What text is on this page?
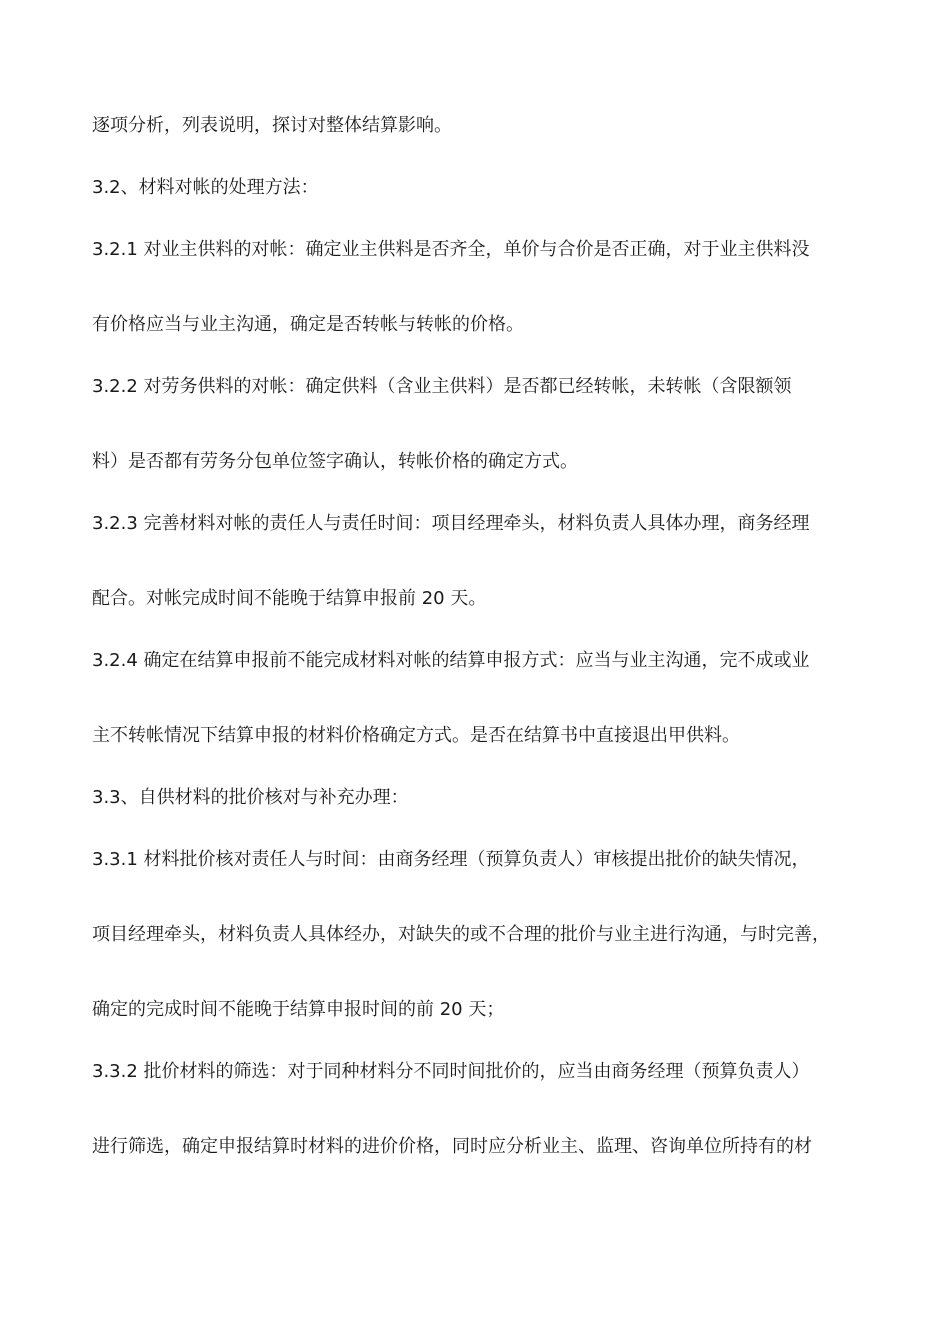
逐项分析，列表说明，探讨对整体结算影响。
3.2、材料对帐的处理方法：
3.2.1 对业主供料的对帐：确定业主供料是否齐全，单价与合价是否正确，对于业主供料没
有价格应当与业主沟通，确定是否转帐与转帐的价格。
3.2.2 对劳务供料的对帐：确定供料（含业主供料）是否都已经转帐，未转帐（含限额领
料）是否都有劳务分包单位签字确认，转帐价格的确定方式。
3.2.3 完善材料对帐的责任人与责任时间：项目经理牵头，材料负责人具体办理，商务经理
配合。对帐完成时间不能晚于结算申报前 20 天。
3.2.4 确定在结算申报前不能完成材料对帐的结算申报方式：应当与业主沟通，完不成或业
主不转帐情况下结算申报的材料价格确定方式。是否在结算书中直接退出甲供料。
3.3、自供材料的批价核对与补充办理：
3.3.1 材料批价核对责任人与时间：由商务经理（预算负责人）审核提出批价的缺失情况，
项目经理牵头，材料负责人具体经办，对缺失的或不合理的批价与业主进行沟通，与时完善，
确定的完成时间不能晚于结算申报时间的前 20 天；
3.3.2 批价材料的筛选：对于同种材料分不同时间批价的，应当由商务经理（预算负责人）
进行筛选，确定申报结算时材料的进价价格，同时应分析业主、监理、咨询单位所持有的材
